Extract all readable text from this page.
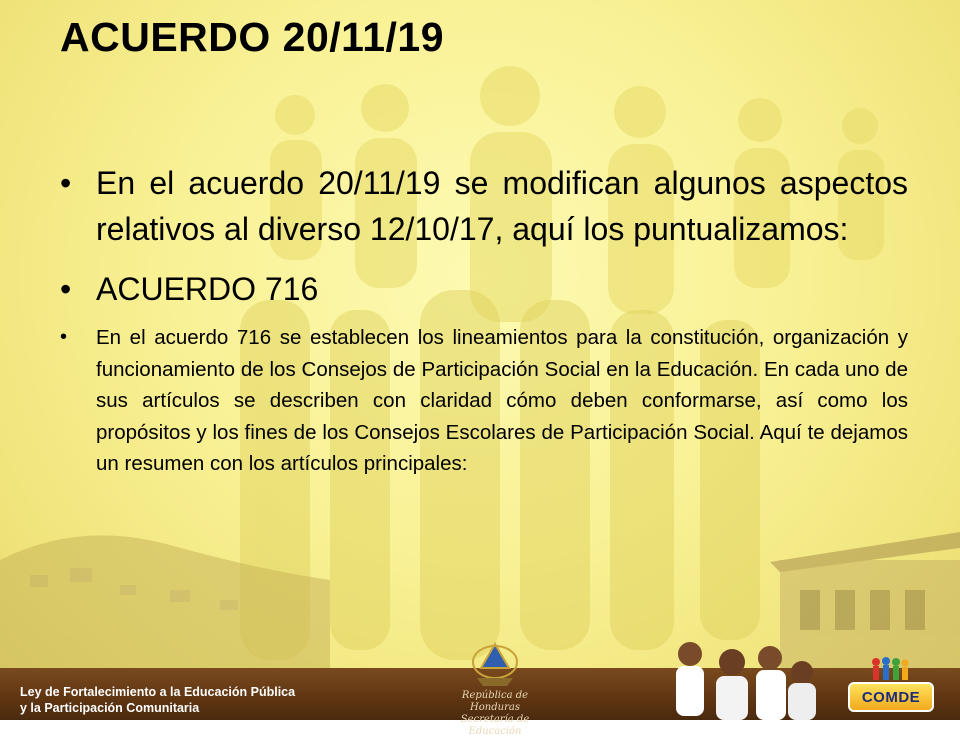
ACUERDO 20/11/19
• En el acuerdo 20/11/19 se modifican algunos aspectos relativos al diverso 12/10/17, aquí los puntualizamos:
• ACUERDO 716
•	En el acuerdo 716 se establecen los lineamientos para la constitución, organización y funcionamiento de los Consejos de Participación Social en la Educación. En cada uno de sus artículos se describen con claridad cómo deben conformarse, así como los propósitos y los fines de los Consejos Escolares de Participación Social. Aquí te dejamos un resumen con los artículos principales:
Ley de Fortalecimiento a la Educación Pública
y la Participación Comunitaria
República de Honduras
Secretaría de Educación
COMDE
